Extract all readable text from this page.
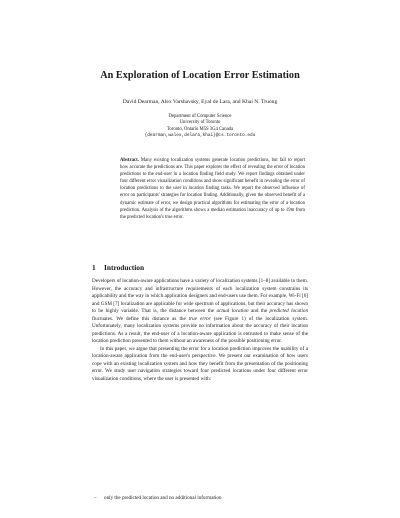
An Exploration of Location Error Estimation
David Dearman, Alex Varshavsky, Eyal de Lara, and Khai N. Truong
Department of Computer Science
University of Toronto
Toronto, Ontario M5S 3G4 Canada
{dearman,walex,delara,khai}@cs.toronto.edu
Abstract. Many existing localization systems generate location predictions, but fail to report how accurate the predictions are. This paper explores the effect of revealing the error of location predictions to the end-user in a location finding field study. We report findings obtained under four different error visualization conditions and show significant benefit in revealing the error of location predictions to the user in location finding tasks. We report the observed influence of error on participants' strategies for location finding. Additionally, given the observed benefit of a dynamic estimate of error, we design practical algorithms for estimating the error of a location prediction. Analysis of the algorithms shows a median estimation inaccuracy of up to 19m from the predicted location's true error.
1 Introduction

Developers of location-aware applications have a variety of localization systems [1–8] available to them. However, the accuracy and infrastructure requirements of each localization system constrains its applicability and the way in which application designers and end-users use them. For example, Wi-Fi [6] and GSM [7] localization are applicable for wide spectrum of applications, but their accuracy has shown to be highly variable. That is, the distance between the actual location and the predicted location fluctuates. We define this distance as the true error (see Figure 1) of the localization system. Unfortunately, many localization systems provide no information about the accuracy of their location predictions. As a result, the end-user of a location-aware application is entrusted to make sense of the location prediction presented to them without an awareness of the possible positioning error.

In this paper, we argue that presenting the error for a location prediction improves the usability of a location-aware application from the end-user's perspective. We present our examination of how users cope with an existing localization system and how they benefit from the presentation of the positioning error. We study user navigation strategies toward four predicted locations under four different error visualization conditions, where the user is presented with:

– only the predicted location and no additional information
